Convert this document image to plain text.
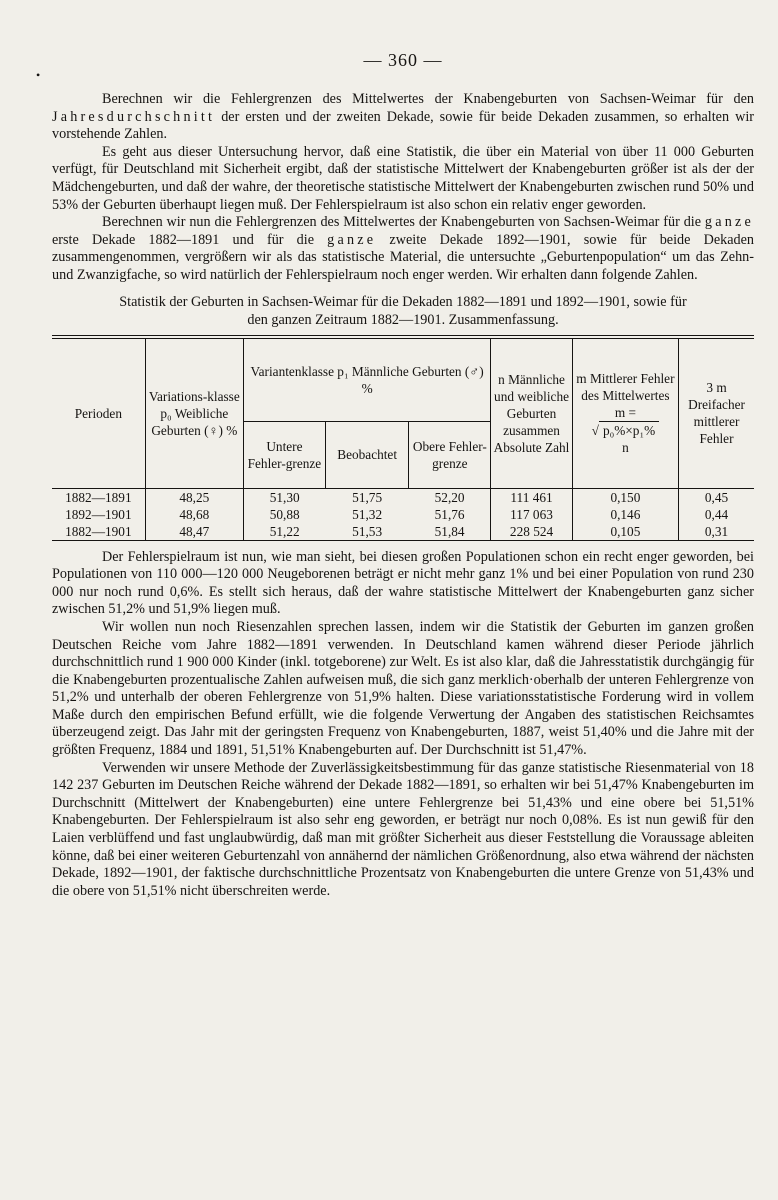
•
— 360 —

Berechnen wir die Fehlergrenzen des Mittelwertes der Knabengeburten von Sachsen-Weimar für den Jahresdurchschnitt der ersten und der zweiten Dekade, sowie für beide Dekaden zusammen, so erhalten wir vorstehende Zahlen.

Es geht aus dieser Untersuchung hervor, daß eine Statistik, die über ein Material von über 11 000 Geburten verfügt, für Deutschland mit Sicherheit ergibt, daß der statistische Mittelwert der Knabengeburten größer ist als der der Mädchengeburten, und daß der wahre, der theoretische statistische Mittelwert der Knabengeburten zwischen rund 50% und 53% der Geburten überhaupt liegen muß. Der Fehlerspielraum ist also schon ein relativ enger geworden.

Berechnen wir nun die Fehlergrenzen des Mittelwertes der Knabengeburten von Sachsen-Weimar für die ganze erste Dekade 1882—1891 und für die ganze zweite Dekade 1892—1901, sowie für beide Dekaden zusammengenommen, vergrößern wir als das statistische Material, die untersuchte „Geburtenpopulation“ um das Zehn- und Zwanzigfache, so wird natürlich der Fehlerspielraum noch enger werden. Wir erhalten dann folgende Zahlen.

Statistik der Geburten in Sachsen-Weimar für die Dekaden 1882—1891 und 1892—1901, sowie für
den ganzen Zeitraum 1882—1901. Zusammenfassung.
Perioden	Variations-klasse p₀ Weibliche Geburten (♀) %	Variantenklasse p₁ Männliche Geburten (♂) %			n Männliche und weibliche Geburten zusammen Absolute Zahl	m Mittlerer Fehler des Mittelwertes
m =
√ p₀%×p₁%
n	3 m Dreifacher mittlerer Fehler
		Untere Fehler-grenze	Beobachtet	Obere Fehler-grenze			
1882—1891	48,25	51,30	51,75	52,20	111 461	0,150	0,45
1892—1901	48,68	50,88	51,32	51,76	117 063	0,146	0,44
1882—1901	48,47	51,22	51,53	51,84	228 524	0,105	0,31

Der Fehlerspielraum ist nun, wie man sieht, bei diesen großen Populationen schon ein recht enger geworden, bei Populationen von 110 000—120 000 Neugeborenen beträgt er nicht mehr ganz 1% und bei einer Population von rund 230 000 nur noch rund 0,6%. Es stellt sich heraus, daß der wahre statistische Mittelwert der Knabengeburten ganz sicher zwischen 51,2% und 51,9% liegen muß.

Wir wollen nun noch Riesenzahlen sprechen lassen, indem wir die Statistik der Geburten im ganzen großen Deutschen Reiche vom Jahre 1882—1891 verwenden. In Deutschland kamen während dieser Periode jährlich durchschnittlich rund 1 900 000 Kinder (inkl. totgeborene) zur Welt. Es ist also klar, daß die Jahresstatistik durchgängig für die Knabengeburten prozentualische Zahlen aufweisen muß, die sich ganz merklich·oberhalb der unteren Fehlergrenze von 51,2% und unterhalb der oberen Fehlergrenze von 51,9% halten. Diese variationsstatistische Forderung wird in vollem Maße durch den empirischen Befund erfüllt, wie die folgende Verwertung der Angaben des statistischen Reichsamtes überzeugend zeigt. Das Jahr mit der geringsten Frequenz von Knabengeburten, 1887, weist 51,40% und die Jahre mit der größten Frequenz, 1884 und 1891, 51,51% Knabengeburten auf. Der Durchschnitt ist 51,47%.

Verwenden wir unsere Methode der Zuverlässigkeitsbestimmung für das ganze statistische Riesenmaterial von 18 142 237 Geburten im Deutschen Reiche während der Dekade 1882—1891, so erhalten wir bei 51,47% Knabengeburten im Durchschnitt (Mittelwert der Knabengeburten) eine untere Fehlergrenze bei 51,43% und eine obere bei 51,51% Knabengeburten. Der Fehlerspielraum ist also sehr eng geworden, er beträgt nur noch 0,08%. Es ist nun gewiß für den Laien verblüffend und fast unglaubwürdig, daß man mit größter Sicherheit aus dieser Feststellung die Voraussage ableiten könne, daß bei einer weiteren Geburtenzahl von annähernd der nämlichen Größenordnung, also etwa während der nächsten Dekade, 1892—1901, der faktische durchschnittliche Prozentsatz von Knabengeburten die untere Grenze von 51,43% und die obere von 51,51% nicht überschreiten werde.
